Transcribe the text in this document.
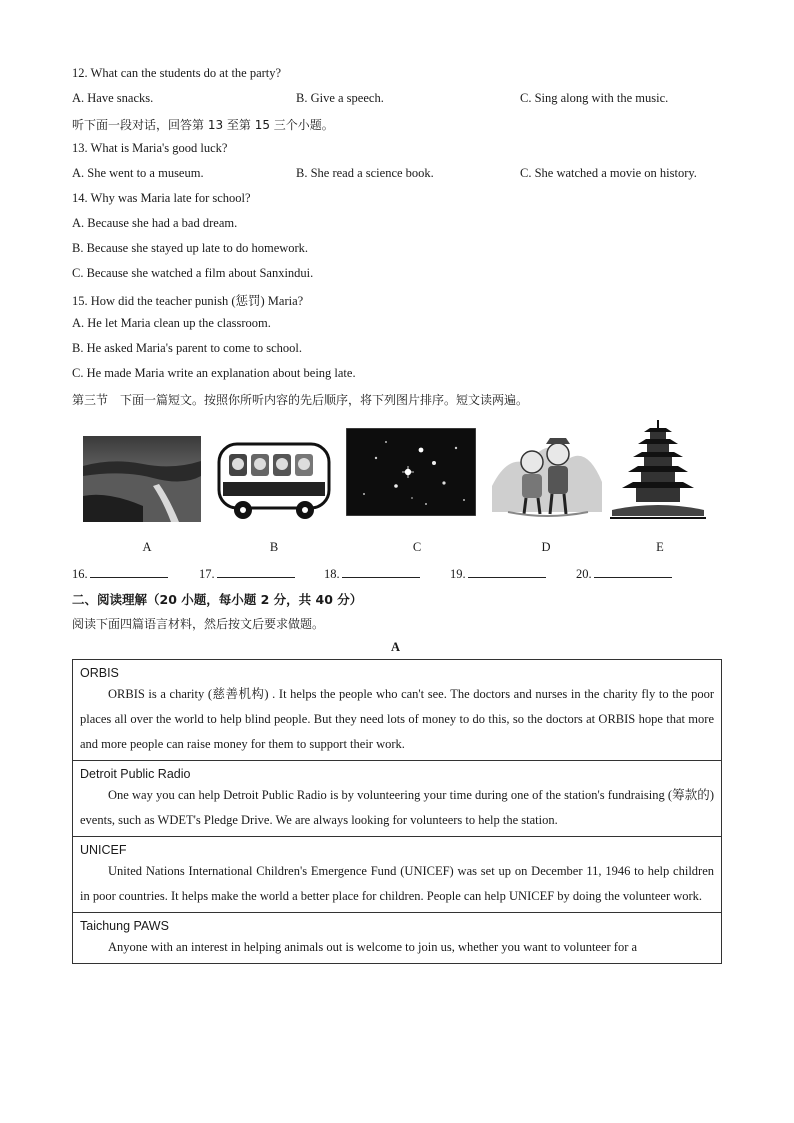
12. What can the students do at the party?
A. Have snacks.	B. Give a speech.	C. Sing along with the music.
听下面一段对话，回答第 13 至第 15 三个小题。
13. What is Maria's good luck?
A. She went to a museum.	B. She read a science book.	C. She watched a movie on history.
14. Why was Maria late for school?
A. Because she had a bad dream.
B. Because she stayed up late to do homework.
C. Because she watched a film about Sanxindui.
15. How did the teacher punish (惩罚) Maria?
A. He let Maria clean up the classroom.
B. He asked Maria's parent to come to school.
C. He made Maria write an explanation about being late.
第三节　下面一篇短文。按照你所听内容的先后顺序，将下列图片排序。短文读两遍。
A	B	C	D	E
16.	17.	18.	19.	20.
二、阅读理解（20 小题，每小题 2 分，共 40 分）
阅读下面四篇语言材料，然后按文后要求做题。
A
ORBIS
ORBIS is a charity (慈善机构) . It helps the people who can't see. The doctors and nurses in the charity fly to the poor places all over the world to help blind people. But they need lots of money to do this, so the doctors at ORBIS hope that more and more people can raise money for them to support their work.

Detroit Public Radio
One way you can help Detroit Public Radio is by volunteering your time during one of the station's fundraising (筹款的) events, such as WDET's Pledge Drive. We are always looking for volunteers to help the station.

UNICEF
United Nations International Children's Emergence Fund (UNICEF) was set up on December 11, 1946 to help children in poor countries. It helps make the world a better place for children. People can help UNICEF by doing the volunteer work.

Taichung PAWS
Anyone with an interest in helping animals out is welcome to join us, whether you want to volunteer for a
